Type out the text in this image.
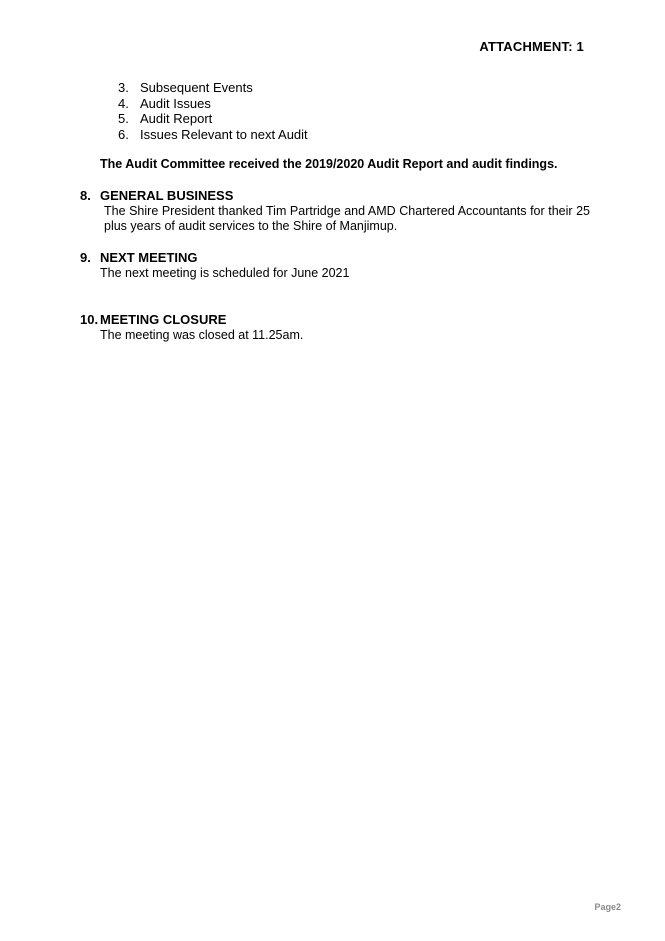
ATTACHMENT: 1
3. Subsequent Events
4. Audit Issues
5. Audit Report
6. Issues Relevant to next Audit
The Audit Committee received the 2019/2020 Audit Report and audit findings.
8. GENERAL BUSINESS
The Shire President thanked Tim Partridge and AMD Chartered Accountants for their 25 plus years of audit services to the Shire of Manjimup.
9. NEXT MEETING
The next meeting is scheduled for June 2021
10. MEETING CLOSURE
The meeting was closed at 11.25am.
Page2
